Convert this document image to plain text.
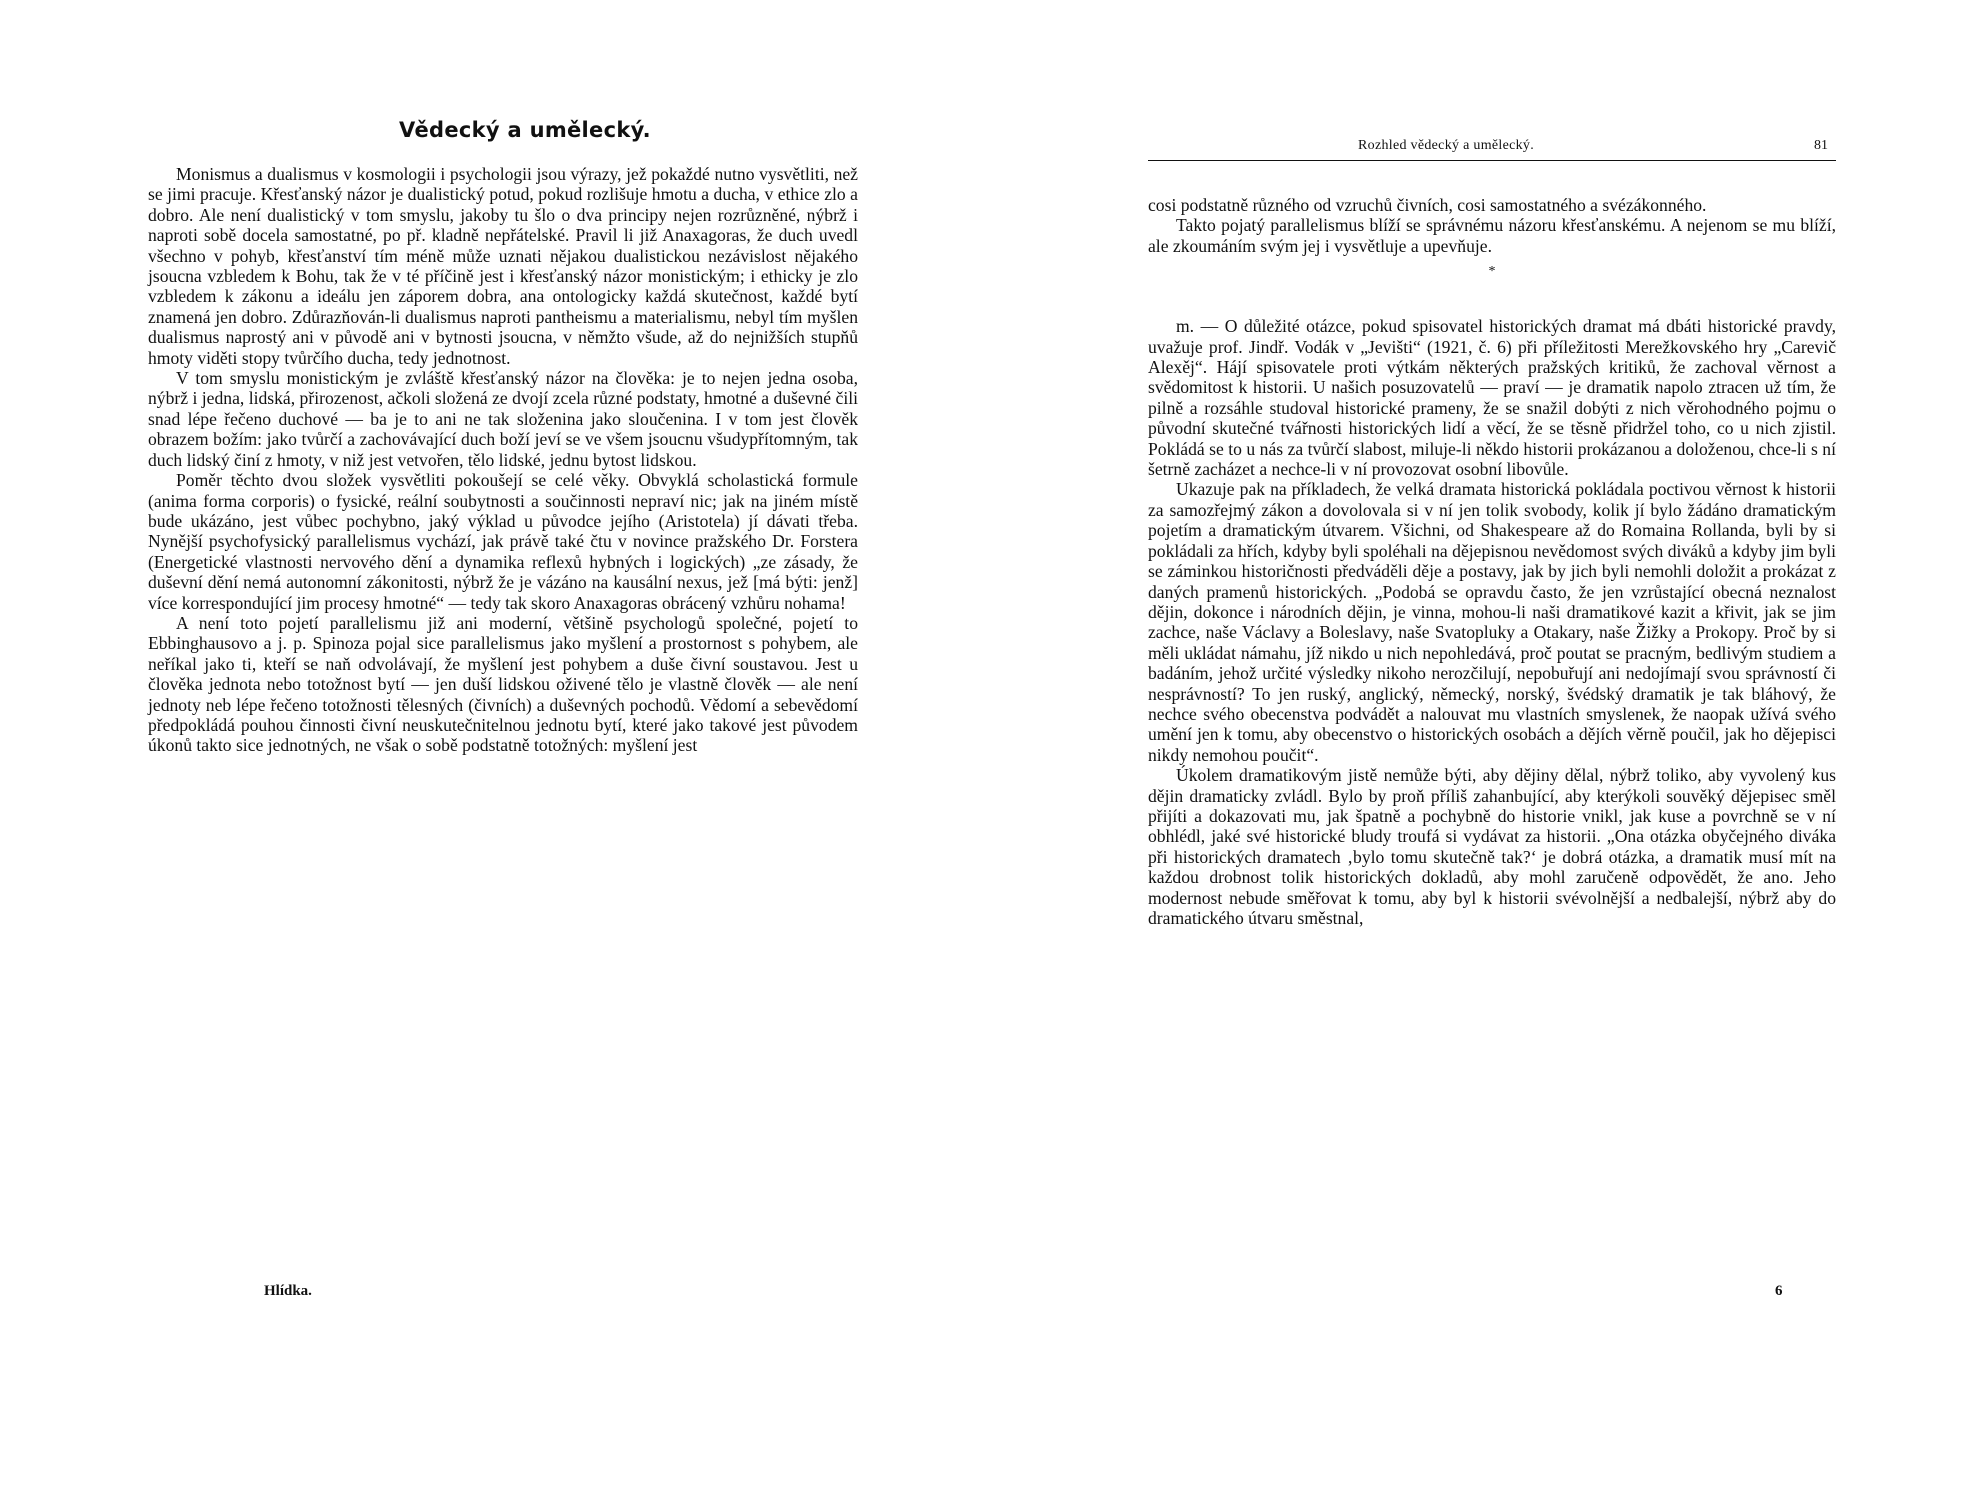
Vědecký a umělecký.

Monismus a dualismus v kosmologii i psychologii jsou výrazy, jež pokaždé nutno vysvětliti, než se jimi pracuje. Křesťanský názor je dualistický potud, pokud rozlišuje hmotu a ducha, v ethice zlo a dobro. Ale není dualistický v tom smyslu, jakoby tu šlo o dva principy nejen rozrůzněné, nýbrž i naproti sobě docela samostatné, po př. kladně nepřátelské. Pravil li již Anaxagoras, že duch uvedl všechno v pohyb, křesťanství tím méně může uznati nějakou dualistickou nezávislost nějakého jsoucna vzbledem k Bohu, tak že v té příčině jest i křesťanský názor monistickým; i ethicky je zlo vzbledem k zákonu a ideálu jen záporem dobra, ana ontologicky každá skutečnost, každé bytí znamená jen dobro. Zdůrazňován-li dualismus naproti pantheismu a materialismu, nebyl tím myšlen dualismus naprostý ani v původě ani v bytnosti jsoucna, v němžto všude, až do nejnižších stupňů hmoty viděti stopy tvůrčího ducha, tedy jednotnost.

V tom smyslu monistickým je zvláště křesťanský názor na člověka: je to nejen jedna osoba, nýbrž i jedna, lidská, přirozenost, ačkoli složená ze dvojí zcela různé podstaty, hmotné a duševné čili snad lépe řečeno duchové — ba je to ani ne tak složenina jako sloučenina. I v tom jest člověk obrazem božím: jako tvůrčí a zachovávající duch boží jeví se ve všem jsoucnu všudypřítomným, tak duch lidský činí z hmoty, v niž jest vetvořen, tělo lidské, jednu bytost lidskou.

Poměr těchto dvou složek vysvětliti pokoušejí se celé věky. Obvyklá scholastická formule (anima forma corporis) o fysické, reální soubytnosti a součinnosti nepraví nic; jak na jiném místě bude ukázáno, jest vůbec pochybno, jaký výklad u původce jejího (Aristotela) jí dávati třeba. Nynější psychofysický parallelismus vychází, jak právě také čtu v novince pražského Dr. Forstera (Energetické vlastnosti nervového dění a dynamika reflexů hybných i logických) „ze zásady, že duševní dění nemá autonomní zákonitosti, nýbrž že je vázáno na kausální nexus, jež [má býti: jenž] více korrespondující jim procesy hmotné“ — tedy tak skoro Anaxagoras obrácený vzhůru nohama!

A není toto pojetí parallelismu již ani moderní, většině psychologů společné, pojetí to Ebbinghausovo a j. p. Spinoza pojal sice parallelismus jako myšlení a prostornost s pohybem, ale neříkal jako ti, kteří se naň odvolávají, že myšlení jest pohybem a duše čivní soustavou. Jest u člověka jednota nebo totožnost bytí — jen duší lidskou oživené tělo je vlastně člověk — ale není jednoty neb lépe řečeno totožnosti tělesných (čivních) a duševných pochodů. Vědomí a sebevědomí předpokládá pouhou činnosti čivní neuskutečnitelnou jednotu bytí, které jako takové jest původem úkonů takto sice jednotných, ne však o sobě podstatně totožných: myšlení jest

Hlídka.
Rozhled vědecký a umělecký.	81

cosi podstatně různého od vzruchů čivních, cosi samostatného a svézákonného.

Takto pojatý parallelismus blíží se správnému názoru křesťanskému. A nejenom se mu blíží, ale zkoumáním svým jej i vysvětluje a upevňuje.

*

m. — O důležité otázce, pokud spisovatel historických dramat má dbáti historické pravdy, uvažuje prof. Jindř. Vodák v „Jevišti“ (1921, č. 6) při příležitosti Merežkovského hry „Carevič Alexěj“. Hájí spisovatele proti výtkám některých pražských kritiků, že zachoval věrnost a svědomitost k historii. U našich posuzovatelů — praví — je dramatik napolo ztracen už tím, že pilně a rozsáhle studoval historické prameny, že se snažil dobýti z nich věrohodného pojmu o původní skutečné tvářnosti historických lidí a věcí, že se těsně přidržel toho, co u nich zjistil. Pokládá se to u nás za tvůrčí slabost, miluje-li někdo historii prokázanou a doloženou, chce-li s ní šetrně zacházet a nechce-li v ní provozovat osobní libovůle.

Ukazuje pak na příkladech, že velká dramata historická pokládala poctivou věrnost k historii za samozřejmý zákon a dovolovala si v ní jen tolik svobody, kolik jí bylo žádáno dramatickým pojetím a dramatickým útvarem. Všichni, od Shakespeare až do Romaina Rollanda, byli by si pokládali za hřích, kdyby byli spoléhali na dějepisnou nevědomost svých diváků a kdyby jim byli se záminkou historičnosti předváděli děje a postavy, jak by jich byli nemohli doložit a prokázat z daných pramenů historických. „Podobá se opravdu často, že jen vzrůstající obecná neznalost dějin, dokonce i národních dějin, je vinna, mohou-li naši dramatikové kazit a křivit, jak se jim zachce, naše Václavy a Boleslavy, naše Svatopluky a Otakary, naše Žižky a Prokopy. Proč by si měli ukládat námahu, jíž nikdo u nich nepohledává, proč poutat se pracným, bedlivým studiem a badáním, jehož určité výsledky nikoho nerozčilují, nepobuřují ani nedojímají svou správností či nesprávností? To jen ruský, anglický, německý, norský, švédský dramatik je tak bláhový, že nechce svého obecenstva podvádět a nalouvat mu vlastních smyslenek, že naopak užívá svého umění jen k tomu, aby obecenstvo o historických osobách a dějích věrně poučil, jak ho dějepisci nikdy nemohou poučit“.

Úkolem dramatikovým jistě nemůže býti, aby dějiny dělal, nýbrž toliko, aby vyvolený kus dějin dramaticky zvládl. Bylo by proň příliš zahanbující, aby kterýkoli souvěký dějepisec směl přijíti a dokazovati mu, jak špatně a pochybně do historie vnikl, jak kuse a povrchně se v ní obhlédl, jaké své historické bludy troufá si vydávat za historii. „Ona otázka obyčejného diváka při historických dramatech ‚bylo tomu skutečně tak?‘ je dobrá otázka, a dramatik musí mít na každou drobnost tolik historických dokladů, aby mohl zaručeně odpovědět, že ano. Jeho modernost nebude směřovat k tomu, aby byl k historii svévolnější a nedbalejší, nýbrž aby do dramatického útvaru směstnal,

6
